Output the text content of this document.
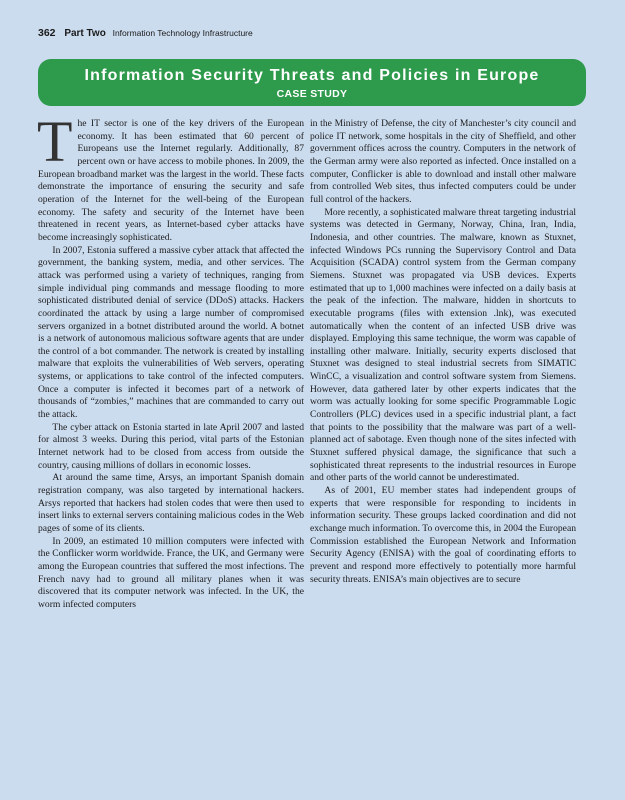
362 Part Two Information Technology Infrastructure
Information Security Threats and Policies in Europe
CASE STUDY

The IT sector is one of the key drivers of the European economy. It has been estimated that 60 percent of Europeans use the Internet regularly. Additionally, 87 percent own or have access to mobile phones. In 2009, the European broadband market was the largest in the world. These facts demonstrate the importance of ensuring the security and safe operation of the Internet for the well-being of the European economy. The safety and security of the Internet have been threatened in recent years, as Internet-based cyber attacks have become increasingly sophisticated.

In 2007, Estonia suffered a massive cyber attack that affected the government, the banking system, media, and other services. The attack was performed using a variety of techniques, ranging from simple individual ping commands and message flooding to more sophisticated distributed denial of service (DDoS) attacks. Hackers coordinated the attack by using a large number of compromised servers organized in a botnet distributed around the world. A botnet is a network of autonomous malicious software agents that are under the control of a bot commander. The network is created by installing malware that exploits the vulnerabilities of Web servers, operating systems, or applications to take control of the infected computers. Once a computer is infected it becomes part of a network of thousands of “zombies,” machines that are commanded to carry out the attack.

The cyber attack on Estonia started in late April 2007 and lasted for almost 3 weeks. During this period, vital parts of the Estonian Internet network had to be closed from access from outside the country, causing millions of dollars in economic losses.

At around the same time, Arsys, an important Spanish domain registration company, was also targeted by international hackers. Arsys reported that hackers had stolen codes that were then used to insert links to external servers containing malicious codes in the Web pages of some of its clients.

In 2009, an estimated 10 million computers were infected with the Conflicker worm worldwide. France, the UK, and Germany were among the European countries that suffered the most infections. The French navy had to ground all military planes when it was discovered that its computer network was infected. In the UK, the worm infected computers

in the Ministry of Defense, the city of Manchester’s city council and police IT network, some hospitals in the city of Sheffield, and other government offices across the country. Computers in the network of the German army were also reported as infected. Once installed on a computer, Conflicker is able to download and install other malware from controlled Web sites, thus infected computers could be under full control of the hackers.

More recently, a sophisticated malware threat targeting industrial systems was detected in Germany, Norway, China, Iran, India, Indonesia, and other countries. The malware, known as Stuxnet, infected Windows PCs running the Supervisory Control and Data Acquisition (SCADA) control system from the German company Siemens. Stuxnet was propagated via USB devices. Experts estimated that up to 1,000 machines were infected on a daily basis at the peak of the infection. The malware, hidden in shortcuts to executable programs (files with extension .lnk), was executed automatically when the content of an infected USB drive was displayed. Employing this same technique, the worm was capable of installing other malware. Initially, security experts disclosed that Stuxnet was designed to steal industrial secrets from SIMATIC WinCC, a visualization and control software system from Siemens. However, data gathered later by other experts indicates that the worm was actually looking for some specific Programmable Logic Controllers (PLC) devices used in a specific industrial plant, a fact that points to the possibility that the malware was part of a well-planned act of sabotage. Even though none of the sites infected with Stuxnet suffered physical damage, the significance that such a sophisticated threat represents to the industrial resources in Europe and other parts of the world cannot be underestimated.

As of 2001, EU member states had independent groups of experts that were responsible for responding to incidents in information security. These groups lacked coordination and did not exchange much information. To overcome this, in 2004 the European Commission established the European Network and Information Security Agency (ENISA) with the goal of coordinating efforts to prevent and respond more effectively to potentially more harmful security threats. ENISA’s main objectives are to secure
